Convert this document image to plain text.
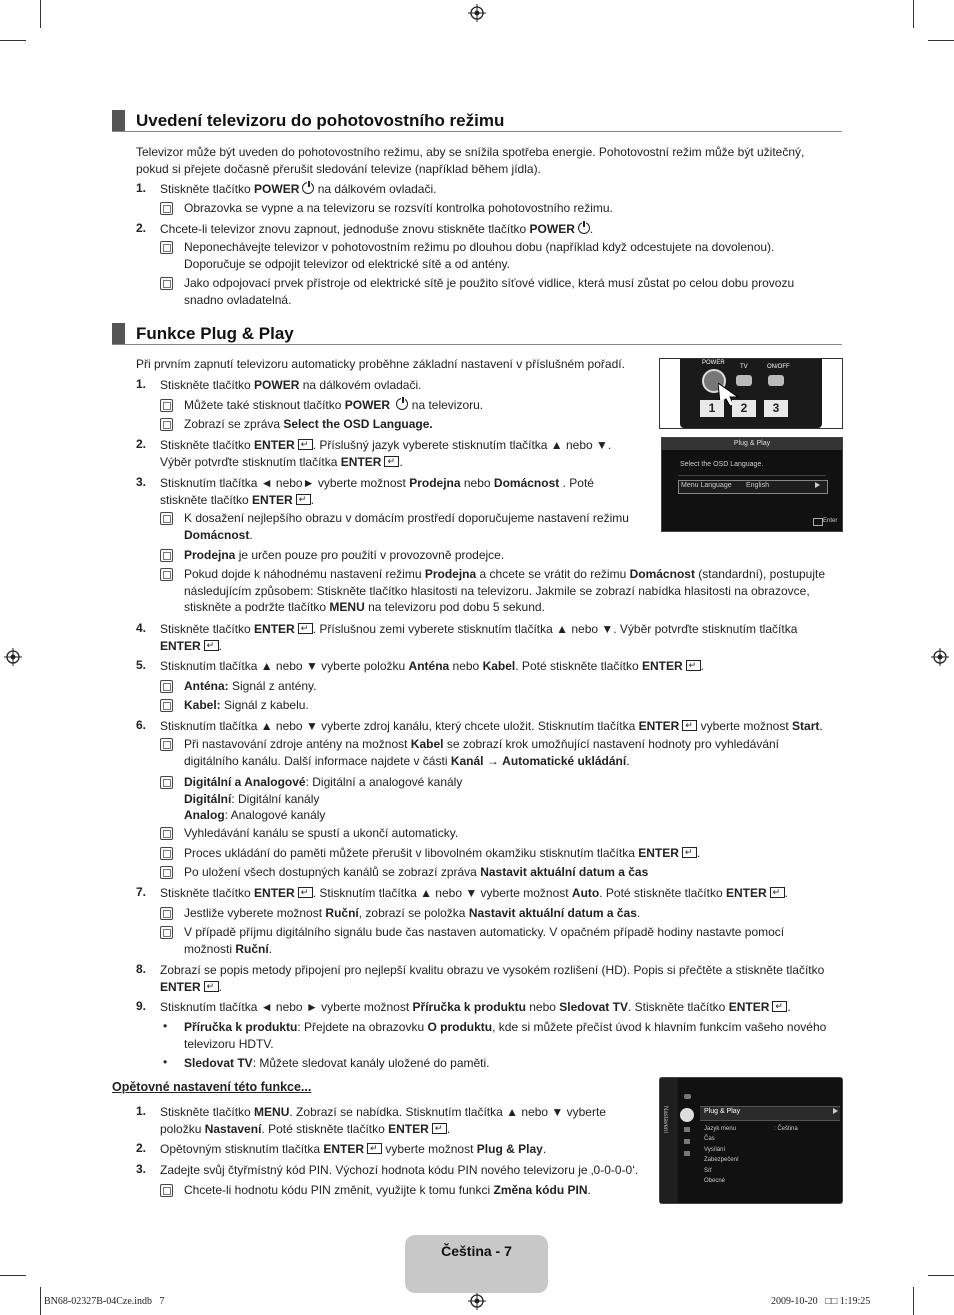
Uvedení televizoru do pohotovostního režimu
Televizor může být uveden do pohotovostního režimu, aby se snížila spotřeba energie. Pohotovostní režim může být užitečný, pokud si přejete dočasně přerušit sledování televize (například během jídla).
1. Stiskněte tlačítko POWER na dálkovém ovladači.
Obrazovka se vypne a na televizoru se rozsvítí kontrolka pohotovostního režimu.
2. Chcete-li televizor znovu zapnout, jednoduše znovu stiskněte tlačítko POWER .
Neponechávejte televizor v pohotovostním režimu po dlouhou dobu (například když odcestujete na dovolenou). Doporučuje se odpojit televizor od elektrické sítě a od antény.
Jako odpojovací prvek přístroje od elektrické sítě je použito síťové vidlice, která musí zůstat po celou dobu provozu snadno ovladatelná.
Funkce Plug & Play
Při prvním zapnutí televizoru automaticky proběhne základní nastavení v příslušném pořadí.	POWER
TV	ON/OFF
1	2	3
Plug & Play
Select the OSD Language.
Menu Language English
Enter
1. Stiskněte tlačítko POWER na dálkovém ovladači.
Můžete také stisknout tlačítko POWER  na televizoru.
Zobrazí se zpráva Select the OSD Language.
2. Stiskněte tlačítko ENTER ↵ . Příslušný jazyk vyberete stisknutím tlačítka ▲ nebo ▼.
Výběr potvrďte stisknutím tlačítka ENTER ↵ .
3. Stisknutím tlačítka ◄ nebo► vyberte možnost Prodejna nebo Domácnost . Poté
stiskněte tlačítko ENTER ↵ .
K dosažení nejlepšího obrazu v domácím prostředí doporučujeme nastavení režimu
Domácnost.
Prodejna je určen pouze pro použití v provozovně prodejce.
Pokud dojde k náhodnému nastavení režimu Prodejna a chcete se vrátit do režimu Domácnost (standardní), postupujte následujícím způsobem: Stiskněte tlačítko hlasitosti na televizoru. Jakmile se zobrazí nabídka hlasitosti na obrazovce, stiskněte a podržte tlačítko MENU na televizoru pod dobu 5 sekund.
4. Stiskněte tlačítko ENTER ↵ . Příslušnou zemi vyberete stisknutím tlačítka ▲ nebo ▼. Výběr potvrďte stisknutím tlačítka ENTER ↵ .
5. Stisknutím tlačítka ▲ nebo ▼ vyberte položku Anténa nebo Kabel. Poté stiskněte tlačítko ENTER ↵ .
Anténa: Signál z antény.
Kabel: Signál z kabelu.
6. Stisknutím tlačítka ▲ nebo ▼ vyberte zdroj kanálu, který chcete uložit. Stisknutím tlačítka ENTER↵ vyberte možnost Start.
Při nastavování zdroje antény na možnost Kabel se zobrazí krok umožňující nastavení hodnoty pro vyhledávání digitálního kanálu. Další informace najdete v části Kanál → Automatické ukládání.
Digitální a Analogové: Digitální a analogové kanály
Digitální: Digitální kanály
Analog: Analogové kanály
Vyhledávání kanálu se spustí a ukončí automaticky.
Proces ukládání do paměti můžete přerušit v libovolném okamžiku stisknutím tlačítka ENTER ↵ .
Po uložení všech dostupných kanálů se zobrazí zpráva Nastavit aktuální datum a čas
7. Stiskněte tlačítko ENTER ↵ . Stisknutím tlačítka ▲ nebo ▼ vyberte možnost Auto. Poté stiskněte tlačítko ENTER ↵ .
Jestliže vyberete možnost Ruční, zobrazí se položka Nastavit aktuální datum a čas.
V případě příjmu digitálního signálu bude čas nastaven automaticky. V opačném případě hodiny nastavte pomocí možnosti Ruční.
8. Zobrazí se popis metody připojení pro nejlepší kvalitu obrazu ve vysokém rozlišení (HD). Popis si přečtěte a stiskněte tlačítko ENTER ↵ .
9. Stisknutím tlačítka ◄ nebo ► vyberte možnost Příručka k produktu nebo Sledovat TV. Stiskněte tlačítko ENTER ↵ .
• Příručka k produktu: Přejdete na obrazovku O produktu, kde si můžete přečíst úvod k hlavním funkcím vašeho nového televizoru HDTV.
• Sledovat TV: Můžete sledovat kanály uložené do paměti.
Opětovné nastavení této funkce...
1. Stiskněte tlačítko MENU. Zobrazí se nabídka. Stisknutím tlačítka ▲ nebo ▼ vyberte položku Nastavení. Poté stiskněte tlačítko ENTER ↵ .
2. Opětovným stisknutím tlačítka ENTER↵ vyberte možnost Plug & Play.
3. Zadejte svůj čtyřmístný kód PIN. Výchozí hodnota kódu PIN nového televizoru je ‚0-0-0-0‘.
Chcete-li hodnotu kódu PIN změnit, využijte k tomu funkci Změna kódu PIN.
Nastavení	Plug & Play
Jazyk menu	: Čeština
Čas
Vysílání
Zabezpečení
Síť
Obecné
Čeština - 7
BN68-02327B-04Cze.indb   7	2009-10-20   □□ 1:19:25
